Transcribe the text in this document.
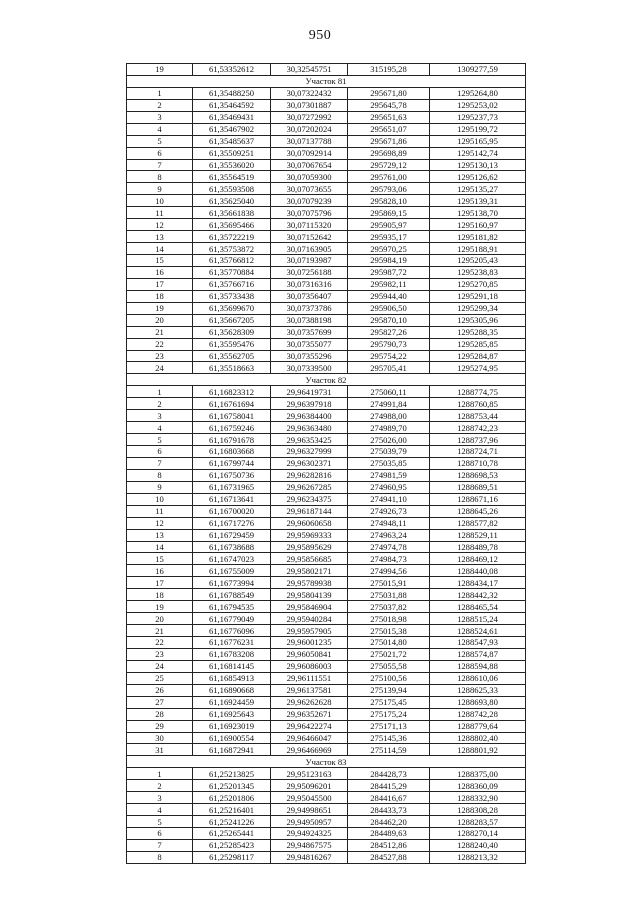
950
19	61,53352612	30,32545751	315195,28	1309277,59
Участок 81				
1	61,35488250	30,07322432	295671,80	1295264,80
2	61,35464592	30,07301887	295645,78	1295253,02
3	61,35469431	30,07272992	295651,63	1295237,73
4	61,35467902	30,07202024	295651,07	1295199,72
5	61,35485637	30,07137788	295671,86	1295165,95
6	61,35509251	30,07092914	295698,89	1295142,74
7	61,35536020	30,07067654	295729,12	1295130,13
8	61,35564519	30,07059300	295761,00	1295126,62
9	61,35593508	30,07073655	295793,06	1295135,27
10	61,35625040	30,07079239	295828,10	1295139,31
11	61,35661838	30,07075796	295869,15	1295138,70
12	61,35695466	30,07115320	295905,97	1295160,97
13	61,35722219	30,07152642	295935,17	1295181,82
14	61,35753872	30,07163905	295970,25	1295188,91
15	61,35766812	30,07193987	295984,19	1295205,43
16	61,35770884	30,07256188	295987,72	1295238,83
17	61,35766716	30,07316316	295982,11	1295270,85
18	61,35733438	30,07356407	295944,40	1295291,18
19	61,35699670	30,07373786	295906,50	1295299,34
20	61,35667205	30,07388198	295870,10	1295305,96
21	61,35628309	30,07357699	295827,26	1295288,35
22	61,35595476	30,07355077	295790,73	1295285,85
23	61,35562705	30,07355296	295754,22	1295284,87
24	61,35518663	30,07339500	295705,41	1295274,95
Участок 82				
1	61,16823312	29,96419731	275060,11	1288774,75
2	61,16761694	29,96397918	274991,84	1288760,85
3	61,16758041	29,96384400	274988,00	1288753,44
4	61,16759246	29,96363480	274989,70	1288742,23
5	61,16791678	29,96353425	275026,00	1288737,96
6	61,16803668	29,96327999	275039,79	1288724,71
7	61,16799744	29,96302371	275035,85	1288710,78
8	61,16750736	29,96282816	274981,59	1288698,53
9	61,16731965	29,96267285	274960,95	1288689,51
10	61,16713641	29,96234375	274941,10	1288671,16
11	61,16700020	29,96187144	274926,73	1288645,26
12	61,16717276	29,96060658	274948,11	1288577,82
13	61,16729459	29,95969333	274963,24	1288529,11
14	61,16738688	29,95895629	274974,78	1288489,78
15	61,16747023	29,95856685	274984,73	1288469,12
16	61,16755009	29,95802171	274994,56	1288440,08
17	61,16773994	29,95789938	275015,91	1288434,17
18	61,16788549	29,95804139	275031,88	1288442,32
19	61,16794535	29,95846904	275037,82	1288465,54
20	61,16779049	29,95940284	275018,98	1288515,24
21	61,16776096	29,95957905	275015,38	1288524,61
22	61,16776231	29,96001235	275014,80	1288547,93
23	61,16783208	29,96050841	275021,72	1288574,87
24	61,16814145	29,96086003	275055,58	1288594,88
25	61,16854913	29,96111551	275100,56	1288610,06
26	61,16890668	29,96137581	275139,94	1288625,33
27	61,16924459	29,96262628	275175,45	1288693,80
28	61,16925643	29,96352671	275175,24	1288742,28
29	61,16923019	29,96422274	275171,13	1288779,64
30	61,16900554	29,96466047	275145,36	1288802,40
31	61,16872941	29,96466969	275114,59	1288801,92
Участок 83				
1	61,25213825	29,95123163	284428,73	1288375,00
2	61,25201345	29,95096201	284415,29	1288360,09
3	61,25201806	29,95045500	284416,67	1288332,90
4	61,25216401	29,94998651	284433,73	1288308,28
5	61,25241226	29,94950957	284462,20	1288283,57
6	61,25265441	29,94924325	284489,63	1288270,14
7	61,25285423	29,94867575	284512,86	1288240,40
8	61,25298117	29,94816267	284527,88	1288213,32
